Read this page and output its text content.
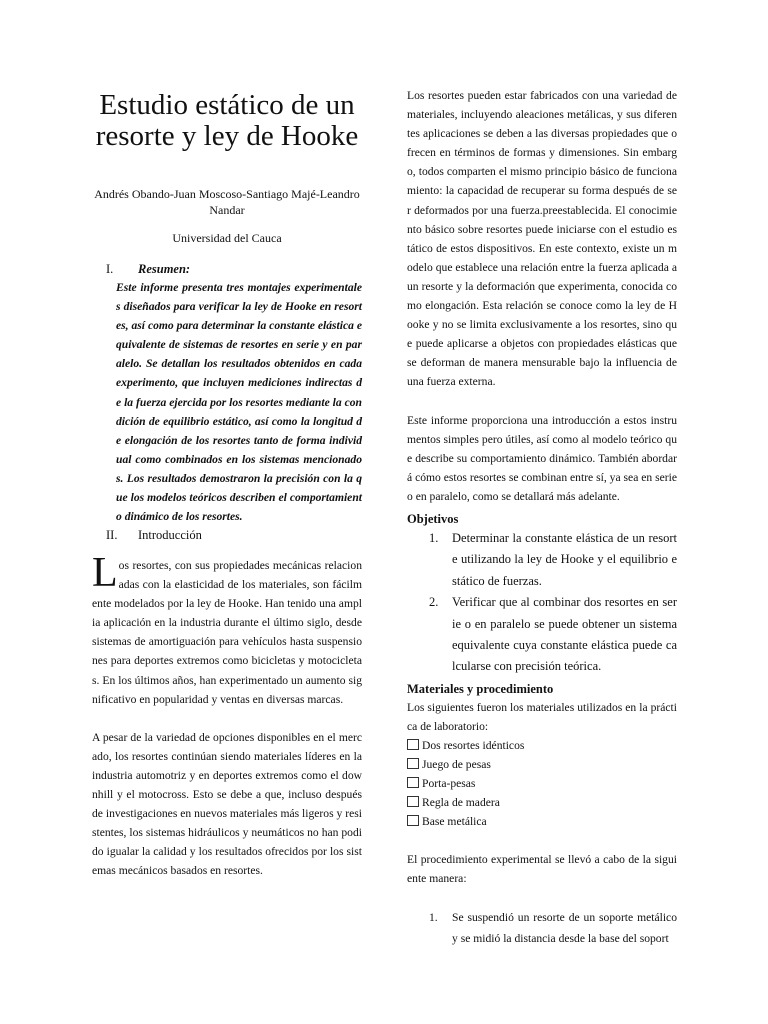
Estudio estático de un resorte y ley de Hooke
Andrés Obando-Juan Moscoso-Santiago Majé-Leandro Nandar
Universidad del Cauca
I. Resumen:
Este informe presenta tres montajes experimentales diseñados para verificar la ley de Hooke en resortes, así como para determinar la constante elástica equivalente de sistemas de resortes en serie y en paralelo. Se detallan los resultados obtenidos en cada experimento, que incluyen mediciones indirectas de la fuerza ejercida por los resortes mediante la condición de equilibrio estático, así como la longitud de elongación de los resortes tanto de forma individual como combinados en los sistemas mencionados. Los resultados demostraron la precisión con la que los modelos teóricos describen el comportamiento dinámico de los resortes.
II. Introducción

Los resortes, con sus propiedades mecánicas relacionadas con la elasticidad de los materiales, son fácilmente modelados por la ley de Hooke. Han tenido una amplia aplicación en la industria durante el último siglo, desde sistemas de amortiguación para vehículos hasta suspensiones para deportes extremos como bicicletas y motocicletas. En los últimos años, han experimentado un aumento significativo en popularidad y ventas en diversas marcas.

A pesar de la variedad de opciones disponibles en el mercado, los resortes continúan siendo materiales líderes en la industria automotriz y en deportes extremos como el downhill y el motocross. Esto se debe a que, incluso después de investigaciones en nuevos materiales más ligeros y resistentes, los sistemas hidráulicos y neumáticos no han podido igualar la calidad y los resultados ofrecidos por los sistemas mecánicos basados en resortes.

Los resortes pueden estar fabricados con una variedad de materiales, incluyendo aleaciones metálicas, y sus diferentes aplicaciones se deben a las diversas propiedades que ofrecen en términos de formas y dimensiones. Sin embargo, todos comparten el mismo principio básico de funcionamiento: la capacidad de recuperar su forma después de ser deformados por una fuerza.preestablecida. El conocimiento básico sobre resortes puede iniciarse con el estudio estático de estos dispositivos. En este contexto, existe un modelo que establece una relación entre la fuerza aplicada a un resorte y la deformación que experimenta, conocida como elongación. Esta relación se conoce como la ley de Hooke y no se limita exclusivamente a los resortes, sino que puede aplicarse a objetos con propiedades elásticas que se deforman de manera mensurable bajo la influencia de una fuerza externa.

Este informe proporciona una introducción a estos instrumentos simples pero útiles, así como al modelo teórico que describe su comportamiento dinámico. También abordará cómo estos resortes se combinan entre sí, ya sea en serie o en paralelo, como se detallará más adelante.

Objetivos
1. Determinar la constante elástica de un resorte utilizando la ley de Hooke y el equilibrio estático de fuerzas.
2. Verificar que al combinar dos resortes en serie o en paralelo se puede obtener un sistema equivalente cuya constante elástica puede calcularse con precisión teórica.
Materiales y procedimiento

Los siguientes fueron los materiales utilizados en la práctica de laboratorio:

Dos resortes idénticos
Juego de pesas
Porta-pesas
Regla de madera
Base metálica

El procedimiento experimental se llevó a cabo de la siguiente manera:

1. Se suspendió un resorte de un soporte metálico y se midió la distancia desde la base del soport
